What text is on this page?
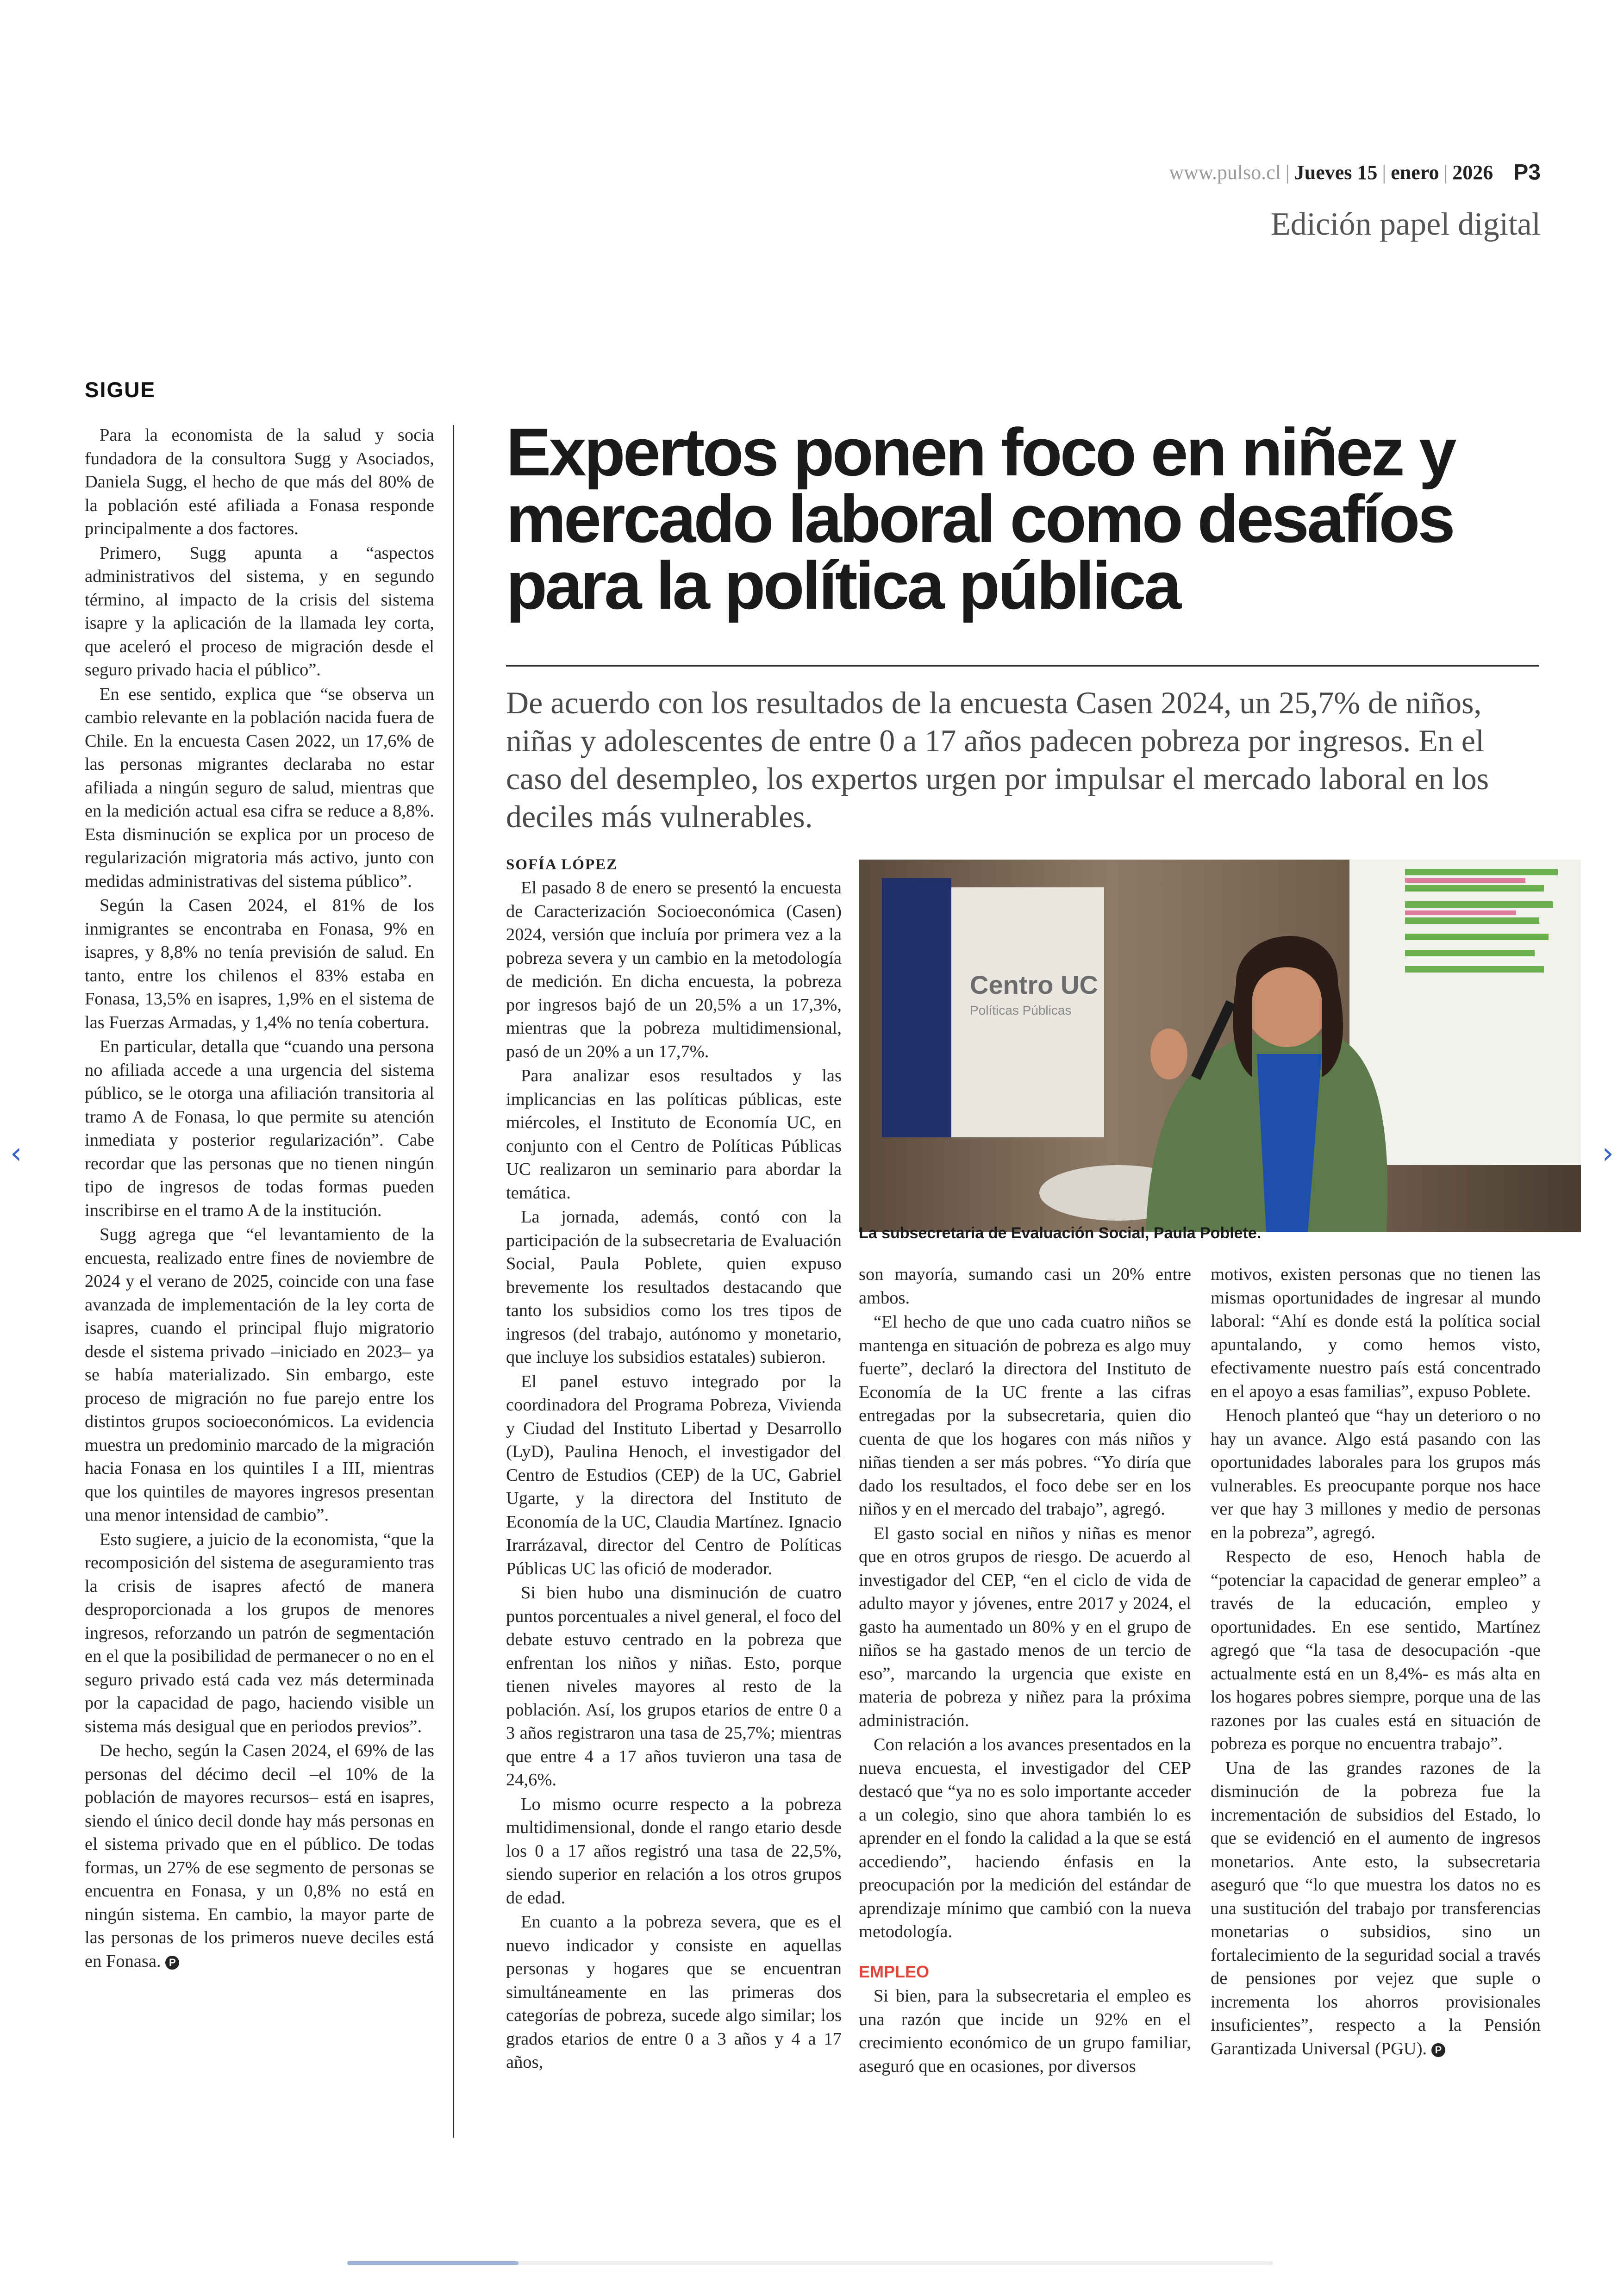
www.pulso.cl | Jueves 15 | enero | 2026 P3
Edición papel digital
SIGUE

Para la economista de la salud y socia fundadora de la consultora Sugg y Asociados, Daniela Sugg, el hecho de que más del 80% de la población esté afiliada a Fonasa responde principalmente a dos factores.

Primero, Sugg apunta a “aspectos administrativos del sistema, y en segundo término, al impacto de la crisis del sistema isapre y la aplicación de la llamada ley corta, que aceleró el proceso de migración desde el seguro privado hacia el público”.

En ese sentido, explica que “se observa un cambio relevante en la población nacida fuera de Chile. En la encuesta Casen 2022, un 17,6% de las personas migrantes declaraba no estar afiliada a ningún seguro de salud, mientras que en la medición actual esa cifra se reduce a 8,8%. Esta disminución se explica por un proceso de regularización migratoria más activo, junto con medidas administrativas del sistema público”.

Según la Casen 2024, el 81% de los inmigrantes se encontraba en Fonasa, 9% en isapres, y 8,8% no tenía previsión de salud. En tanto, entre los chilenos el 83% estaba en Fonasa, 13,5% en isapres, 1,9% en el sistema de las Fuerzas Armadas, y 1,4% no tenía cobertura.

En particular, detalla que “cuando una persona no afiliada accede a una urgencia del sistema público, se le otorga una afiliación transitoria al tramo A de Fonasa, lo que permite su atención inmediata y posterior regularización”. Cabe recordar que las personas que no tienen ningún tipo de ingresos de todas formas pueden inscribirse en el tramo A de la institución.

Sugg agrega que “el levantamiento de la encuesta, realizado entre fines de noviembre de 2024 y el verano de 2025, coincide con una fase avanzada de implementación de la ley corta de isapres, cuando el principal flujo migratorio desde el sistema privado –iniciado en 2023– ya se había materializado. Sin embargo, este proceso de migración no fue parejo entre los distintos grupos socioeconómicos. La evidencia muestra un predominio marcado de la migración hacia Fonasa en los quintiles I a III, mientras que los quintiles de mayores ingresos presentan una menor intensidad de cambio”.

Esto sugiere, a juicio de la economista, “que la recomposición del sistema de aseguramiento tras la crisis de isapres afectó de manera desproporcionada a los grupos de menores ingresos, reforzando un patrón de segmentación en el que la posibilidad de permanecer o no en el seguro privado está cada vez más determinada por la capacidad de pago, haciendo visible un sistema más desigual que en periodos previos”.

De hecho, según la Casen 2024, el 69% de las personas del décimo decil –el 10% de la población de mayores recursos– está en isapres, siendo el único decil donde hay más personas en el sistema privado que en el público. De todas formas, un 27% de ese segmento de personas se encuentra en Fonasa, y un 0,8% no está en ningún sistema. En cambio, la mayor parte de las personas de los primeros nueve deciles está en Fonasa. P

Expertos ponen foco en niñez y mercado laboral como desafíos para la política pública
De acuerdo con los resultados de la encuesta Casen 2024, un 25,7% de niños, niñas y adolescentes de entre 0 a 17 años padecen pobreza por ingresos. En el caso del desempleo, los expertos urgen por impulsar el mercado laboral en los deciles más vulnerables.
SOFÍA LÓPEZ

El pasado 8 de enero se presentó la encuesta de Caracterización Socioeconómica (Casen) 2024, versión que incluía por primera vez a la pobreza severa y un cambio en la metodología de medición. En dicha encuesta, la pobreza por ingresos bajó de un 20,5% a un 17,3%, mientras que la pobreza multidimensional, pasó de un 20% a un 17,7%.

Para analizar esos resultados y las implicancias en las políticas públicas, este miércoles, el Instituto de Economía UC, en conjunto con el Centro de Políticas Públicas UC realizaron un seminario para abordar la temática.

La jornada, además, contó con la participación de la subsecretaria de Evaluación Social, Paula Poblete, quien expuso brevemente los resultados destacando que tanto los subsidios como los tres tipos de ingresos (del trabajo, autónomo y monetario, que incluye los subsidios estatales) subieron.

El panel estuvo integrado por la coordinadora del Programa Pobreza, Vivienda y Ciudad del Instituto Libertad y Desarrollo (LyD), Paulina Henoch, el investigador del Centro de Estudios (CEP) de la UC, Gabriel Ugarte, y la directora del Instituto de Economía de la UC, Claudia Martínez. Ignacio Irarrázaval, director del Centro de Políticas Públicas UC las ofició de moderador.

Si bien hubo una disminución de cuatro puntos porcentuales a nivel general, el foco del debate estuvo centrado en la pobreza que enfrentan los niños y niñas. Esto, porque tienen niveles mayores al resto de la población. Así, los grupos etarios de entre 0 a 3 años registraron una tasa de 25,7%; mientras que entre 4 a 17 años tuvieron una tasa de 24,6%.

Lo mismo ocurre respecto a la pobreza multidimensional, donde el rango etario desde los 0 a 17 años registró una tasa de 22,5%, siendo superior en relación a los otros grupos de edad.

En cuanto a la pobreza severa, que es el nuevo indicador y consiste en aquellas personas y hogares que se encuentran simultáneamente en las primeras dos categorías de pobreza, sucede algo similar; los grados etarios de entre 0 a 3 años y 4 a 17 años,

Centro UC
Políticas Públicas
La subsecretaria de Evaluación Social, Paula Poblete.

son mayoría, sumando casi un 20% entre ambos.

“El hecho de que uno cada cuatro niños se mantenga en situación de pobreza es algo muy fuerte”, declaró la directora del Instituto de Economía de la UC frente a las cifras entregadas por la subsecretaria, quien dio cuenta de que los hogares con más niños y niñas tienden a ser más pobres. “Yo diría que dado los resultados, el foco debe ser en los niños y en el mercado del trabajo”, agregó.

El gasto social en niños y niñas es menor que en otros grupos de riesgo. De acuerdo al investigador del CEP, “en el ciclo de vida de adulto mayor y jóvenes, entre 2017 y 2024, el gasto ha aumentado un 80% y en el grupo de niños se ha gastado menos de un tercio de eso”, marcando la urgencia que existe en materia de pobreza y niñez para la próxima administración.

Con relación a los avances presentados en la nueva encuesta, el investigador del CEP destacó que “ya no es solo importante acceder a un colegio, sino que ahora también lo es aprender en el fondo la calidad a la que se está accediendo”, haciendo énfasis en la preocupación por la medición del estándar de aprendizaje mínimo que cambió con la nueva metodología.

EMPLEO

Si bien, para la subsecretaria el empleo es una razón que incide un 92% en el crecimiento económico de un grupo familiar, aseguró que en ocasiones, por diversos

motivos, existen personas que no tienen las mismas oportunidades de ingresar al mundo laboral: “Ahí es donde está la política social apuntalando, y como hemos visto, efectivamente nuestro país está concentrado en el apoyo a esas familias”, expuso Poblete.

Henoch planteó que “hay un deterioro o no hay un avance. Algo está pasando con las oportunidades laborales para los grupos más vulnerables. Es preocupante porque nos hace ver que hay 3 millones y medio de personas en la pobreza”, agregó.

Respecto de eso, Henoch habla de “potenciar la capacidad de generar empleo” a través de la educación, empleo y oportunidades. En ese sentido, Martínez agregó que “la tasa de desocupación -que actualmente está en un 8,4%- es más alta en los hogares pobres siempre, porque una de las razones por las cuales está en situación de pobreza es porque no encuentra trabajo”.

Una de las grandes razones de la disminución de la pobreza fue la incrementación de subsidios del Estado, lo que se evidenció en el aumento de ingresos monetarios. Ante esto, la subsecretaria aseguró que “lo que muestra los datos no es una sustitución del trabajo por transferencias monetarias o subsidios, sino un fortalecimiento de la seguridad social a través de pensiones por vejez que suple o incrementa los ahorros provisionales insuficientes”, respecto a la Pensión Garantizada Universal (PGU). P

‹	›
